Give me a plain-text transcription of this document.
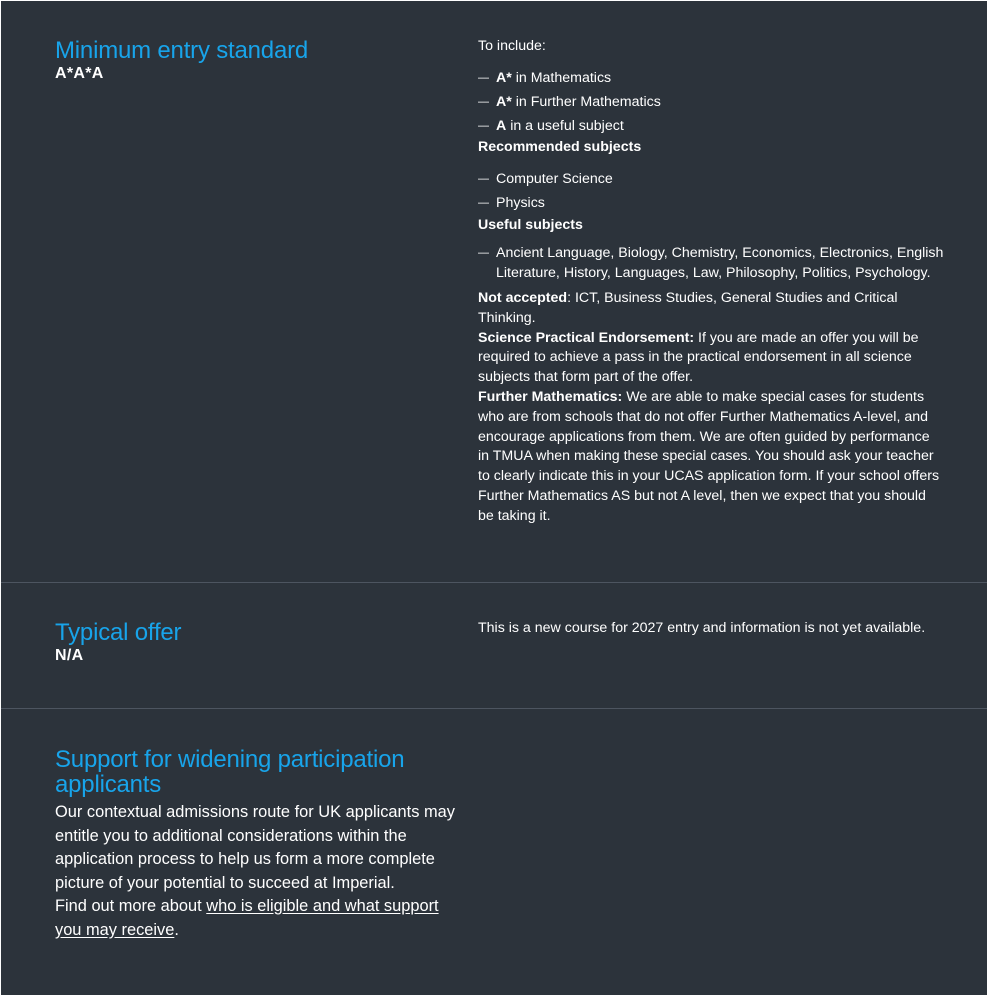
Minimum entry standard
A*A*A
To include:
— A* in Mathematics
— A* in Further Mathematics
— A in a useful subject
Recommended subjects
— Computer Science
— Physics
Useful subjects
— Ancient Language, Biology, Chemistry, Economics, Electronics, English Literature, History, Languages, Law, Philosophy, Politics, Psychology.
Not accepted: ICT, Business Studies, General Studies and Critical Thinking.
Science Practical Endorsement: If you are made an offer you will be required to achieve a pass in the practical endorsement in all science subjects that form part of the offer.
Further Mathematics: We are able to make special cases for students who are from schools that do not offer Further Mathematics A-level, and encourage applications from them. We are often guided by performance in TMUA when making these special cases. You should ask your teacher to clearly indicate this in your UCAS application form. If your school offers Further Mathematics AS but not A level, then we expect that you should be taking it.
Typical offer
N/A
This is a new course for 2027 entry and information is not yet available.
Support for widening participation applicants
Our contextual admissions route for UK applicants may entitle you to additional considerations within the application process to help us form a more complete picture of your potential to succeed at Imperial.
Find out more about who is eligible and what support you may receive.
